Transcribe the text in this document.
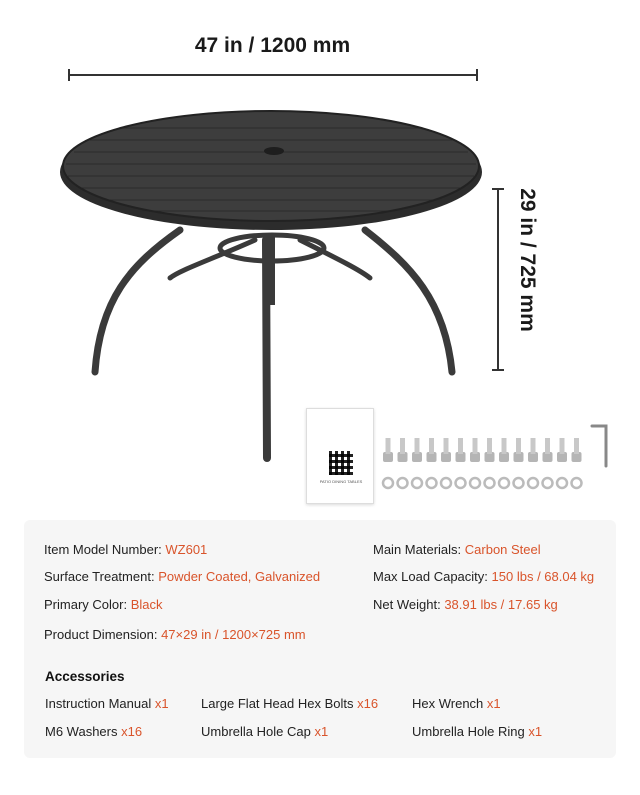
47 in / 1200 mm
29 in / 725 mm
PATIO DINING TABLES
Item Model Number: WZ601
Surface Treatment: Powder Coated, Galvanized
Primary Color: Black
Product Dimension: 47×29 in / 1200×725 mm
Main Materials: Carbon Steel
Max Load Capacity: 150 lbs / 68.04 kg
Net Weight: 38.91 lbs / 17.65 kg
Accessories
Instruction Manual x1 Large Flat Head Hex Bolts x16	Hex Wrench x1
M6 Washers x16	Umbrella Hole Cap x1	Umbrella Hole Ring x1
